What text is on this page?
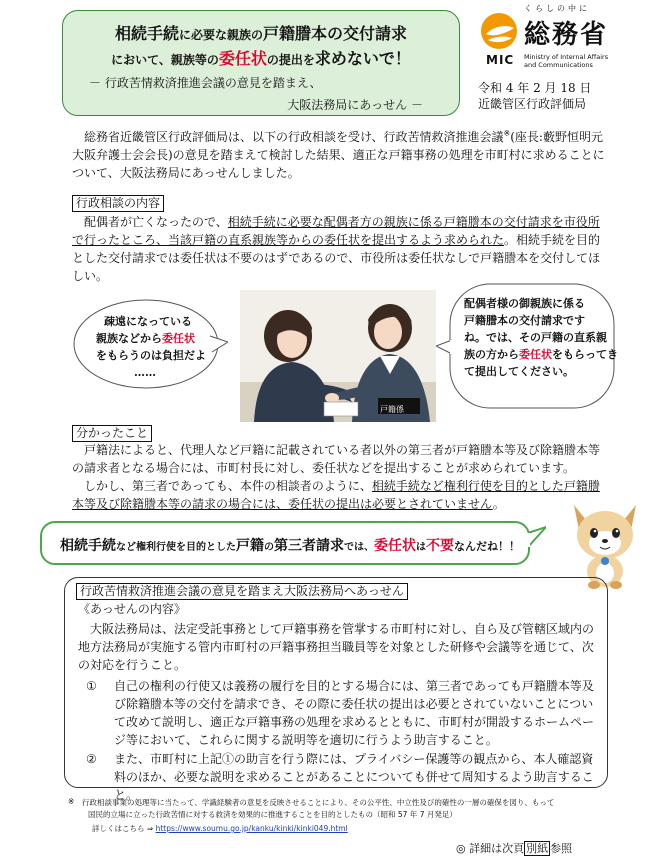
相続手続に必要な親族の戸籍謄本の交付請求
において、親族等の委任状の提出を求めないで！
－ 行政苦情救済推進会議の意見を踏まえ、
大阪法務局にあっせん －
くらしの中に
総務省
MIC Ministry of Internal Affairs
and Communications
令和 4 年 2 月 18 日
近畿管区行政評価局
総務省近畿管区行政評価局は、以下の行政相談を受け、行政苦情救済推進会議※(座長:藪野恒明元大阪弁護士会会長)の意見を踏まえて検討した結果、適正な戸籍事務の処理を市町村に求めることについて、大阪法務局にあっせんしました。
行政相談の内容
配偶者が亡くなったので、相続手続に必要な配偶者方の親族に係る戸籍謄本の交付請求を市役所で行ったところ、当該戸籍の直系親族等からの委任状を提出するよう求められた。相続手続を目的とした交付請求では委任状は不要のはずであるので、市役所は委任状なしで戸籍謄本を交付してほしい。
疎遠になっている
親族などから委任状
をもらうのは負担だよ
……
戸籍係
配偶者様の御親族に係る
戸籍謄本の交付請求です
ね。では、その戸籍の直系親
族の方から委任状をもらってき
て提出してください。
分かったこと
戸籍法によると、代理人など戸籍に記載されている者以外の第三者が戸籍謄本等及び除籍謄本等の請求者となる場合には、市町村長に対し、委任状などを提出することが求められています。
しかし、第三者であっても、本件の相談者のように、相続手続など権利行使を目的とした戸籍謄本等及び除籍謄本等の請求の場合には、委任状の提出は必要とされていません。
相続手続など権利行使を目的とした戸籍の第三者請求では、委任状は不要なんだね！！
行政苦情救済推進会議の意見を踏まえ大阪法務局へあっせん
《あっせんの内容》
大阪法務局は、法定受託事務として戸籍事務を管掌する市町村に対し、自ら及び管轄区域内の地方法務局が実施する管内市町村の戸籍事務担当職員等を対象とした研修や会議等を通じて、次の対応を行うこと。
① 自己の権利の行使又は義務の履行を目的とする場合には、第三者であっても戸籍謄本等及び除籍謄本等の交付を請求でき、その際に委任状の提出は必要とされていないことについて改めて説明し、適正な戸籍事務の処理を求めるとともに、市町村が開設するホームページ等において、これらに関する説明等を適切に行うよう助言すること。
② また、市町村に上記①の助言を行う際には、プライバシー保護等の観点から、本人確認資料のほか、必要な説明を求めることがあることについても併せて周知するよう助言すること。
※ 行政相談事業の処理等に当たって、学識経験者の意見を反映させることにより、その公平性、中立性及び的確性の一層の確保を図り、もって
国民的立場に立った行政苦情に対する救済を効果的に推進することを目的としたもの（昭和 57 年 7 月発足）
詳しくはこちら ⇒ https://www.soumu.go.jp/kanku/kinki/kinki049.html
◎ 詳細は次頁 別紙 参照
